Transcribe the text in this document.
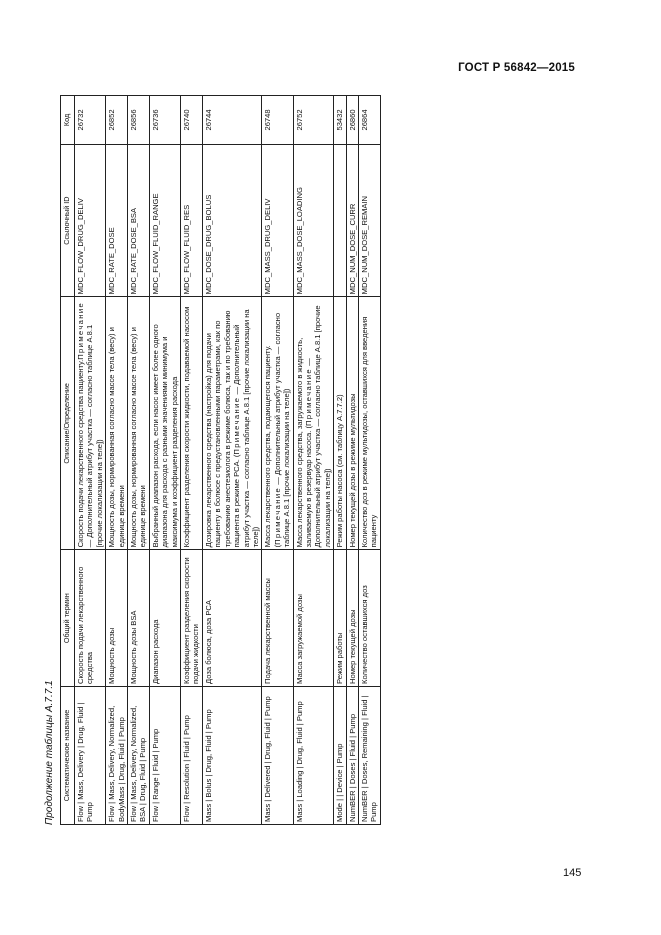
ГОСТ Р 56842—2015
Продолжение таблицы А.7.7.1 Систематическое название	Общий термин	Описание/Определение	Ссылочный ID	Код
Flow | Mass, Delivery | Drug, Fluid | Pump	Скорость подачи лекарственного средства	Скорость подачи лекарственного средства пациенту.Примечание — Дополнительный атрибут участка — согласно таблице А.8.1 [прочие локализации на теле])	MDC_FLOW_DRUG_DELIV	26732
Flow | Mass, Delivery, Normalized, BodyMass | Drug, Fluid | Pump	Мощность дозы	Мощность дозы, нормированная согласно массе тела (весу) и единице времени	MDC_RATE_DOSE	26852
Flow | Mass, Delivery, Normalized, BSA | Drug, Fluid | Pump	Мощность дозы BSA	Мощность дозы, нормированная согласно массе тела (весу) и единице времени	MDC_RATE_DOSE_BSA	26856
Flow | Range | Fluid | Pump	Диапазон расхода	Выбранный диапазон расхода, если насос имеет более одного диапазона для расхода с разными значениями минимума и максимума и коэффициент разделения расхода	MDC_FLOW_FLUID_RANGE	26736
Flow | Resolution | Fluid | Pump	Коэффициент разделения скорости подачи жидкости	Коэффициент разделения скорости жидкости, подаваемой насосом	MDC_FLOW_FLUID_RES	26740
Mass | Bolus | Drug, Fluid | Pump	Доза болюса, доза PCA	Дозировка лекарственного средства (настройка) для подачи пациенту в болюсе с предустановленными параметрами, как по требованию анестезиолога в режиме болюса, так и по требованию пациента в режиме PCA. (Примечание — Дополнительный атрибут участка — согласно таблице А.8.1 [прочие локализации на теле])	MDC_DOSE_DRUG_BOLUS	26744
Mass | Delivered | Drug, Fluid | Pump	Подача лекарственной массы	Масса лекарственного средства, подающегося пациенту. (Примечание — Дополнительный атрибут участка — согласно таблице А.8.1 [прочие локализации на теле])	MDC_MASS_DRUG_DELIV	26748
Mass | Loading | Drug, Fluid | Pump	Масса загружаемой дозы	Масса лекарственного средства, загружаемого в жидкость, заливаемую в резервуар насоса. (Примечание — Дополнительный атрибут участка — согласно таблице А.8.1 [прочие локализации на теле])	MDC_MASS_DOSE_LOADING	26752
Mode | | Device | Pump	Режим работы	Режим работы насоса (см. таблицу А.7.7.2)		53432
NumBER | Doses | Fluid | Pump	Номер текущей дозы	Номер текущей дозы в режиме мультидозы	MDC_NUM_DOSE_CURR	26860
NumBER | Doses, Remaining | Fluid | Pump	Количество оставшихся доз	Количество доз в режиме мультидозы, оставшихся для введения пациенту	MDC_NUM_DOSE_REMAIN	26864
145
